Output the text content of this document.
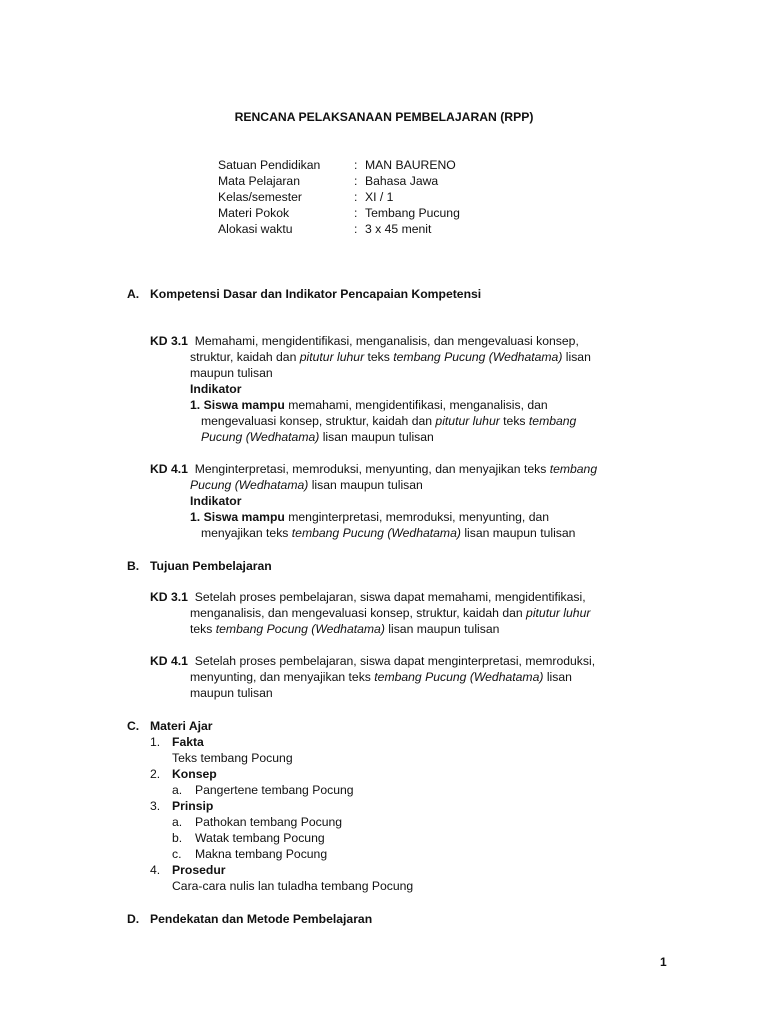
RENCANA PELAKSANAAN PEMBELAJARAN (RPP)
Satuan Pendidikan	: MAN BAURENO
Mata Pelajaran	: Bahasa Jawa
Kelas/semester	: XI / 1
Materi Pokok	: Tembang Pucung
Alokasi waktu	: 3 x 45 menit
A. Kompetensi Dasar dan Indikator Pencapaian Kompetensi
KD 3.1 Memahami, mengidentifikasi, menganalisis, dan mengevaluasi konsep,
struktur, kaidah dan pitutur luhur teks tembang Pucung (Wedhatama) lisan
maupun tulisan
Indikator
1. Siswa mampu memahami, mengidentifikasi, menganalisis, dan
mengevaluasi konsep, struktur, kaidah dan pitutur luhur teks tembang
Pucung (Wedhatama) lisan maupun tulisan
KD 4.1 Menginterpretasi, memroduksi, menyunting, dan menyajikan teks tembang
Pucung (Wedhatama) lisan maupun tulisan
Indikator
1. Siswa mampu menginterpretasi, memroduksi, menyunting, dan
menyajikan teks tembang Pucung (Wedhatama) lisan maupun tulisan
B. Tujuan Pembelajaran
KD 3.1 Setelah proses pembelajaran, siswa dapat memahami, mengidentifikasi,
menganalisis, dan mengevaluasi konsep, struktur, kaidah dan pitutur luhur
teks tembang Pocung (Wedhatama) lisan maupun tulisan
KD 4.1 Setelah proses pembelajaran, siswa dapat menginterpretasi, memroduksi,
menyunting, dan menyajikan teks tembang Pucung (Wedhatama) lisan
maupun tulisan
C. Materi Ajar
1. Fakta
Teks tembang Pocung
2. Konsep
a. Pangertene tembang Pocung
3. Prinsip
a. Pathokan tembang Pocung
b. Watak tembang Pocung
c. Makna tembang Pocung
4. Prosedur
Cara-cara nulis lan tuladha tembang Pocung
D. Pendekatan dan Metode Pembelajaran
1
